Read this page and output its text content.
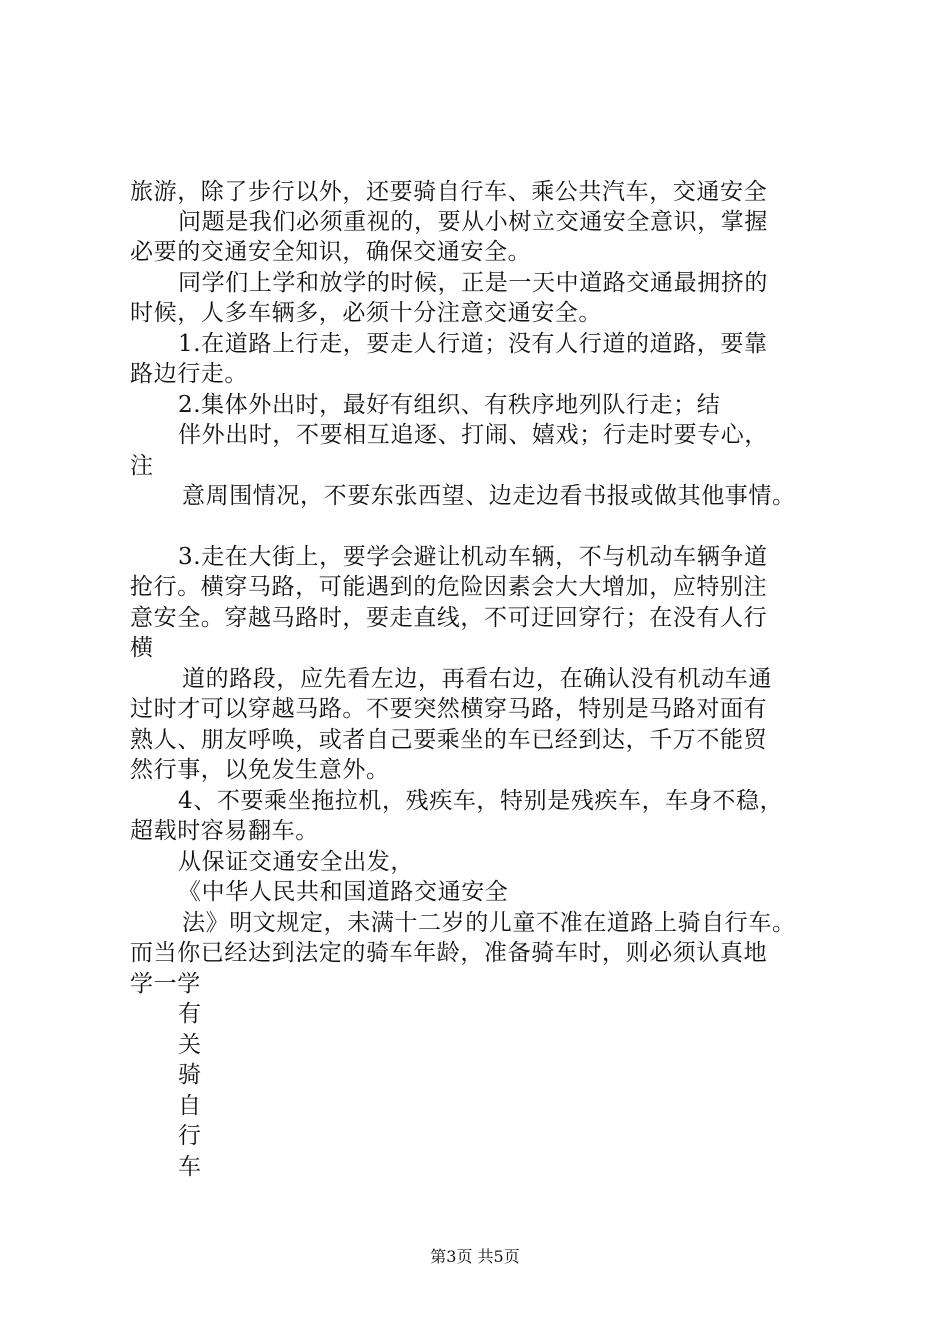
旅游，除了步行以外，还要骑自行车、乘公共汽车，交通安全
问题是我们必须重视的，要从小树立交通安全意识，掌握
必要的交通安全知识，确保交通安全。
同学们上学和放学的时候，正是一天中道路交通最拥挤的
时候，人多车辆多，必须十分注意交通安全。
1.在道路上行走，要走人行道；没有人行道的道路，要靠
路边行走。
2.集体外出时，最好有组织、有秩序地列队行走；结
伴外出时，不要相互追逐、打闹、嬉戏；行走时要专心，
注
意周围情况，不要东张西望、边走边看书报或做其他事情。
3.走在大街上，要学会避让机动车辆，不与机动车辆争道
抢行。横穿马路，可能遇到的危险因素会大大增加，应特别注
意安全。穿越马路时，要走直线，不可迂回穿行；在没有人行
横
道的路段，应先看左边，再看右边，在确认没有机动车通
过时才可以穿越马路。不要突然横穿马路，特别是马路对面有
熟人、朋友呼唤，或者自己要乘坐的车已经到达，千万不能贸
然行事，以免发生意外。
4、不要乘坐拖拉机，残疾车，特别是残疾车，车身不稳，
超载时容易翻车。
从保证交通安全出发，
《中华人民共和国道路交通安全
法》明文规定，未满十二岁的儿童不准在道路上骑自行车。
而当你已经达到法定的骑车年龄，准备骑车时，则必须认真地
学一学
有
关
骑
自
行
车
第3页 共5页
